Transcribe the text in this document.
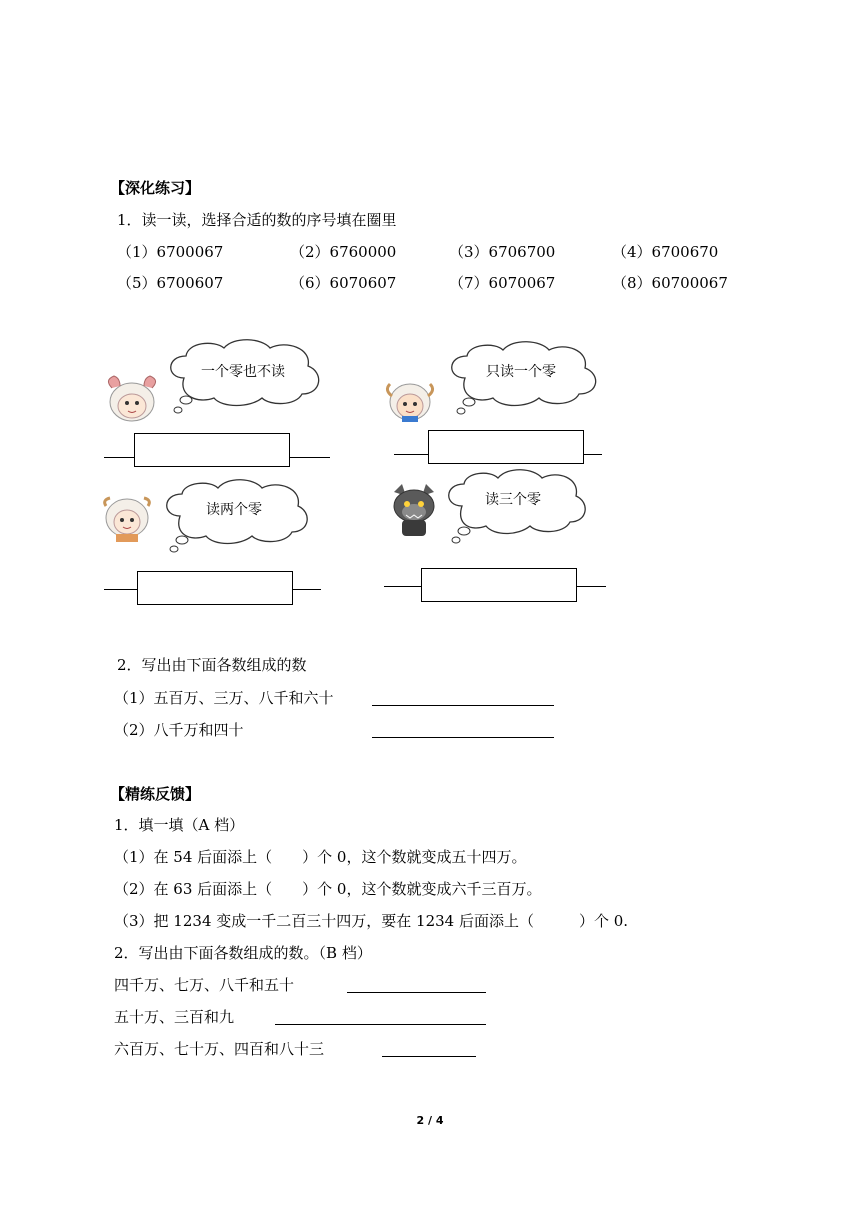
【深化练习】
1．读一读，选择合适的数的序号填在圈里
（1）6700067	（2）6760000	（3）6706700	（4）6700670
（5）6700607	（6）6070607	（7）6070067	（8）60700067
一个零也不读	只读一个零
读两个零
读三个零
2．写出由下面各数组成的数
（1）五百万、三万、八千和六十
（2）八千万和四十
【精练反馈】
1．填一填（A 档）
（1）在 54 后面添上（　　）个 0，这个数就变成五十四万。
（2）在 63 后面添上（　　）个 0，这个数就变成六千三百万。
（3）把 1234 变成一千二百三十四万，要在 1234 后面添上（　　　）个 0.
2．写出由下面各数组成的数。（B 档）
四千万、七万、八千和五十
五十万、三百和九
六百万、七十万、四百和八十三
2 / 4
